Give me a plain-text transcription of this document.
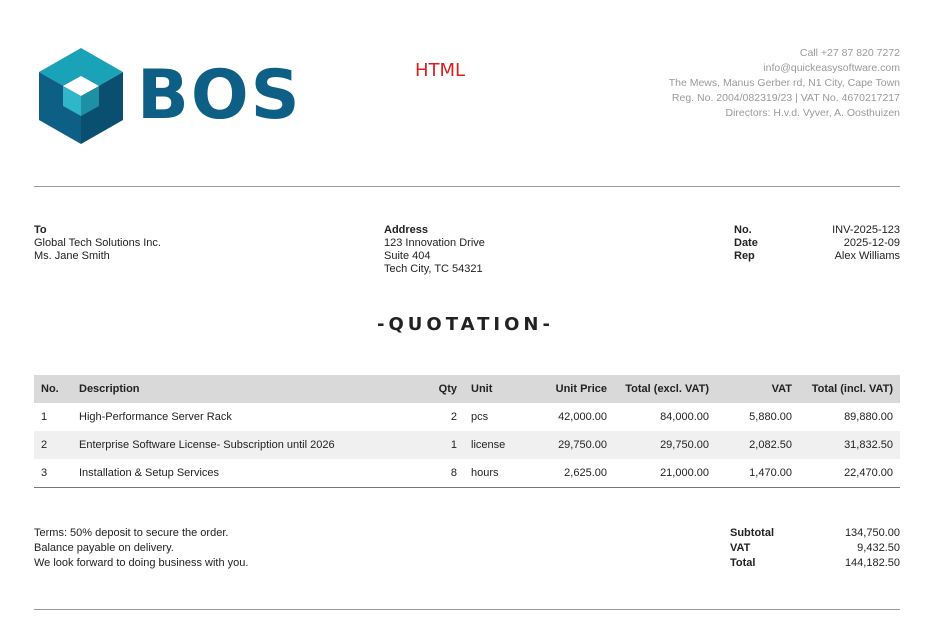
BOS	HTML
Call +27 87 820 7272
info@quickeasysoftware.com
The Mews, Manus Gerber rd, N1 City, Cape Town
Reg. No. 2004/082319/23 | VAT No. 4670217217
Directors: H.v.d. Vyver, A. Oosthuizen
To
Global Tech Solutions Inc.
Ms. Jane Smith
Address
123 Innovation Drive
Suite 404
Tech City, TC 54321
No.	INV-2025-123
Date	2025-12-09
Rep	Alex Williams
-QUOTATION-
No.	Description	Qty	Unit	Unit Price	Total (excl. VAT)	VAT	Total (incl. VAT)
1	High-Performance Server Rack	2	pcs	42,000.00	84,000.00	5,880.00	89,880.00
2	Enterprise Software License- Subscription until 2026	1	license	29,750.00	29,750.00	2,082.50	31,832.50
3	Installation & Setup Services	8	hours	2,625.00	21,000.00	1,470.00	22,470.00
Terms: 50% deposit to secure the order.
Balance payable on delivery.
We look forward to doing business with you.
Subtotal	134,750.00
VAT	9,432.50
Total	144,182.50
